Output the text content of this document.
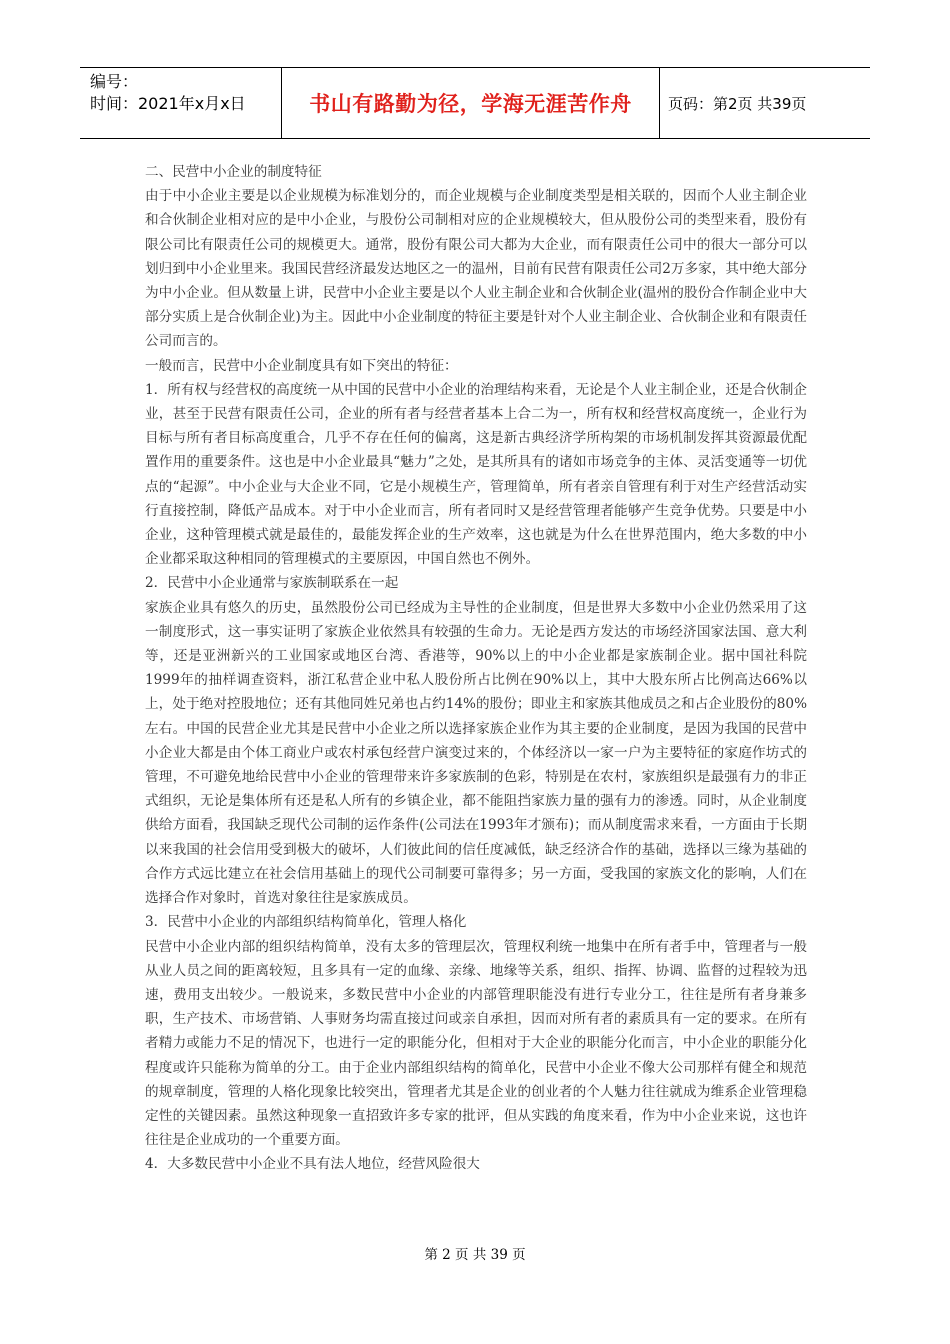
编号：
时间：2021年x月x日	书山有路勤为径，学海无涯苦作舟 页码：第2页 共39页

二、民营中小企业的制度特征

由于中小企业主要是以企业规模为标准划分的，而企业规模与企业制度类型是相关联的，因而个人业主制企业和合伙制企业相对应的是中小企业，与股份公司制相对应的企业规模较大，但从股份公司的类型来看，股份有限公司比有限责任公司的规模更大。通常，股份有限公司大都为大企业，而有限责任公司中的很大一部分可以划归到中小企业里来。我国民营经济最发达地区之一的温州，目前有民营有限责任公司2万多家，其中绝大部分为中小企业。但从数量上讲，民营中小企业主要是以个人业主制企业和合伙制企业(温州的股份合作制企业中大部分实质上是合伙制企业)为主。因此中小企业制度的特征主要是针对个人业主制企业、合伙制企业和有限责任公司而言的。

一般而言，民营中小企业制度具有如下突出的特征：

1．所有权与经营权的高度统一从中国的民营中小企业的治理结构来看，无论是个人业主制企业，还是合伙制企业，甚至于民营有限责任公司，企业的所有者与经营者基本上合二为一，所有权和经营权高度统一，企业行为目标与所有者目标高度重合，几乎不存在任何的偏离，这是新古典经济学所构架的市场机制发挥其资源最优配置作用的重要条件。这也是中小企业最具“魅力”之处，是其所具有的诸如市场竞争的主体、灵活变通等一切优点的“起源”。中小企业与大企业不同，它是小规模生产，管理简单，所有者亲自管理有利于对生产经营活动实行直接控制，降低产品成本。对于中小企业而言，所有者同时又是经营管理者能够产生竞争优势。只要是中小企业，这种管理模式就是最佳的，最能发挥企业的生产效率，这也就是为什么在世界范围内，绝大多数的中小企业都采取这种相同的管理模式的主要原因，中国自然也不例外。

2．民营中小企业通常与家族制联系在一起

家族企业具有悠久的历史，虽然股份公司已经成为主导性的企业制度，但是世界大多数中小企业仍然采用了这一制度形式，这一事实证明了家族企业依然具有较强的生命力。无论是西方发达的市场经济国家法国、意大利等，还是亚洲新兴的工业国家或地区台湾、香港等，90%以上的中小企业都是家族制企业。据中国社科院1999年的抽样调查资料，浙江私营企业中私人股份所占比例在90%以上，其中大股东所占比例高达66%以上，处于绝对控股地位；还有其他同姓兄弟也占约14%的股份；即业主和家族其他成员之和占企业股份的80%左右。中国的民营企业尤其是民营中小企业之所以选择家族企业作为其主要的企业制度，是因为我国的民营中小企业大都是由个体工商业户或农村承包经营户演变过来的，个体经济以一家一户为主要特征的家庭作坊式的管理，不可避免地给民营中小企业的管理带来许多家族制的色彩，特别是在农村，家族组织是最强有力的非正式组织，无论是集体所有还是私人所有的乡镇企业，都不能阻挡家族力量的强有力的渗透。同时，从企业制度供给方面看，我国缺乏现代公司制的运作条件(公司法在1993年才颁布)；而从制度需求来看，一方面由于长期以来我国的社会信用受到极大的破坏，人们彼此间的信任度减低，缺乏经济合作的基础，选择以三缘为基础的合作方式远比建立在社会信用基础上的现代公司制要可靠得多；另一方面，受我国的家族文化的影响，人们在选择合作对象时，首选对象往往是家族成员。

3．民营中小企业的内部组织结构简单化，管理人格化

民营中小企业内部的组织结构简单，没有太多的管理层次，管理权利统一地集中在所有者手中，管理者与一般从业人员之间的距离较短，且多具有一定的血缘、亲缘、地缘等关系，组织、指挥、协调、监督的过程较为迅速，费用支出较少。一般说来，多数民营中小企业的内部管理职能没有进行专业分工，往往是所有者身兼多职，生产技术、市场营销、人事财务均需直接过问或亲自承担，因而对所有者的素质具有一定的要求。在所有者精力或能力不足的情况下，也进行一定的职能分化，但相对于大企业的职能分化而言，中小企业的职能分化程度或许只能称为简单的分工。由于企业内部组织结构的简单化，民营中小企业不像大公司那样有健全和规范的规章制度，管理的人格化现象比较突出，管理者尤其是企业的创业者的个人魅力往往就成为维系企业管理稳定性的关键因素。虽然这种现象一直招致许多专家的批评，但从实践的角度来看，作为中小企业来说，这也许往往是企业成功的一个重要方面。

4．大多数民营中小企业不具有法人地位，经营风险很大

第 2 页 共 39 页
